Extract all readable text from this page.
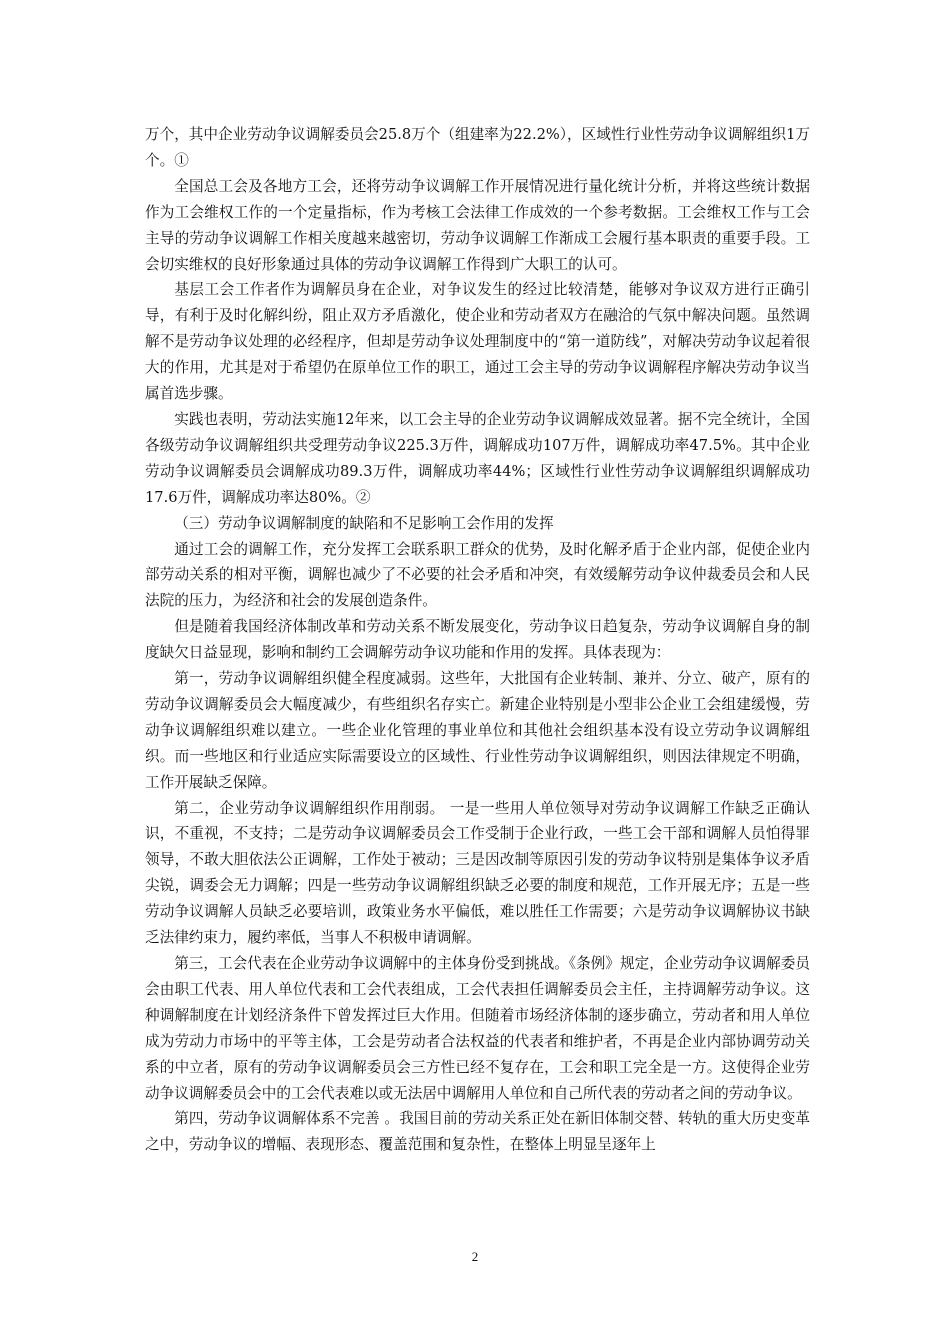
万个，其中企业劳动争议调解委员会25.8万个（组建率为22.2%），区域性行业性劳动争议调解组织1万个。①

全国总工会及各地方工会，还将劳动争议调解工作开展情况进行量化统计分析，并将这些统计数据作为工会维权工作的一个定量指标，作为考核工会法律工作成效的一个参考数据。工会维权工作与工会主导的劳动争议调解工作相关度越来越密切，劳动争议调解工作渐成工会履行基本职责的重要手段。工会切实维权的良好形象通过具体的劳动争议调解工作得到广大职工的认可。

基层工会工作者作为调解员身在企业，对争议发生的经过比较清楚，能够对争议双方进行正确引导，有利于及时化解纠纷，阻止双方矛盾激化，使企业和劳动者双方在融洽的气氛中解决问题。虽然调解不是劳动争议处理的必经程序，但却是劳动争议处理制度中的“第一道防线”，对解决劳动争议起着很大的作用，尤其是对于希望仍在原单位工作的职工，通过工会主导的劳动争议调解程序解决劳动争议当属首选步骤。

实践也表明，劳动法实施12年来，以工会主导的企业劳动争议调解成效显著。据不完全统计，全国各级劳动争议调解组织共受理劳动争议225.3万件，调解成功107万件，调解成功率47.5%。其中企业劳动争议调解委员会调解成功89.3万件，调解成功率44%；区域性行业性劳动争议调解组织调解成功17.6万件，调解成功率达80%。②

（三）劳动争议调解制度的缺陷和不足影响工会作用的发挥

通过工会的调解工作，充分发挥工会联系职工群众的优势，及时化解矛盾于企业内部，促使企业内部劳动关系的相对平衡，调解也减少了不必要的社会矛盾和冲突，有效缓解劳动争议仲裁委员会和人民法院的压力，为经济和社会的发展创造条件。

但是随着我国经济体制改革和劳动关系不断发展变化，劳动争议日趋复杂，劳动争议调解自身的制度缺欠日益显现，影响和制约工会调解劳动争议功能和作用的发挥。具体表现为：

第一，劳动争议调解组织健全程度减弱。这些年，大批国有企业转制、兼并、分立、破产，原有的劳动争议调解委员会大幅度减少，有些组织名存实亡。新建企业特别是小型非公企业工会组建缓慢，劳动争议调解组织难以建立。一些企业化管理的事业单位和其他社会组织基本没有设立劳动争议调解组织。而一些地区和行业适应实际需要设立的区域性、行业性劳动争议调解组织，则因法律规定不明确，工作开展缺乏保障。

第二，企业劳动争议调解组织作用削弱。 一是一些用人单位领导对劳动争议调解工作缺乏正确认识，不重视，不支持；二是劳动争议调解委员会工作受制于企业行政，一些工会干部和调解人员怕得罪领导，不敢大胆依法公正调解，工作处于被动；三是因改制等原因引发的劳动争议特别是集体争议矛盾尖锐，调委会无力调解；四是一些劳动争议调解组织缺乏必要的制度和规范，工作开展无序；五是一些劳动争议调解人员缺乏必要培训，政策业务水平偏低，难以胜任工作需要；六是劳动争议调解协议书缺乏法律约束力，履约率低，当事人不积极申请调解。

第三，工会代表在企业劳动争议调解中的主体身份受到挑战。《条例》规定，企业劳动争议调解委员会由职工代表、用人单位代表和工会代表组成，工会代表担任调解委员会主任，主持调解劳动争议。这种调解制度在计划经济条件下曾发挥过巨大作用。但随着市场经济体制的逐步确立，劳动者和用人单位成为劳动力市场中的平等主体，工会是劳动者合法权益的代表者和维护者，不再是企业内部协调劳动关系的中立者，原有的劳动争议调解委员会三方性已经不复存在，工会和职工完全是一方。这使得企业劳动争议调解委员会中的工会代表难以或无法居中调解用人单位和自己所代表的劳动者之间的劳动争议。

第四，劳动争议调解体系不完善 。我国目前的劳动关系正处在新旧体制交替、转轨的重大历史变革之中，劳动争议的增幅、表现形态、覆盖范围和复杂性，在整体上明显呈逐年上

2
